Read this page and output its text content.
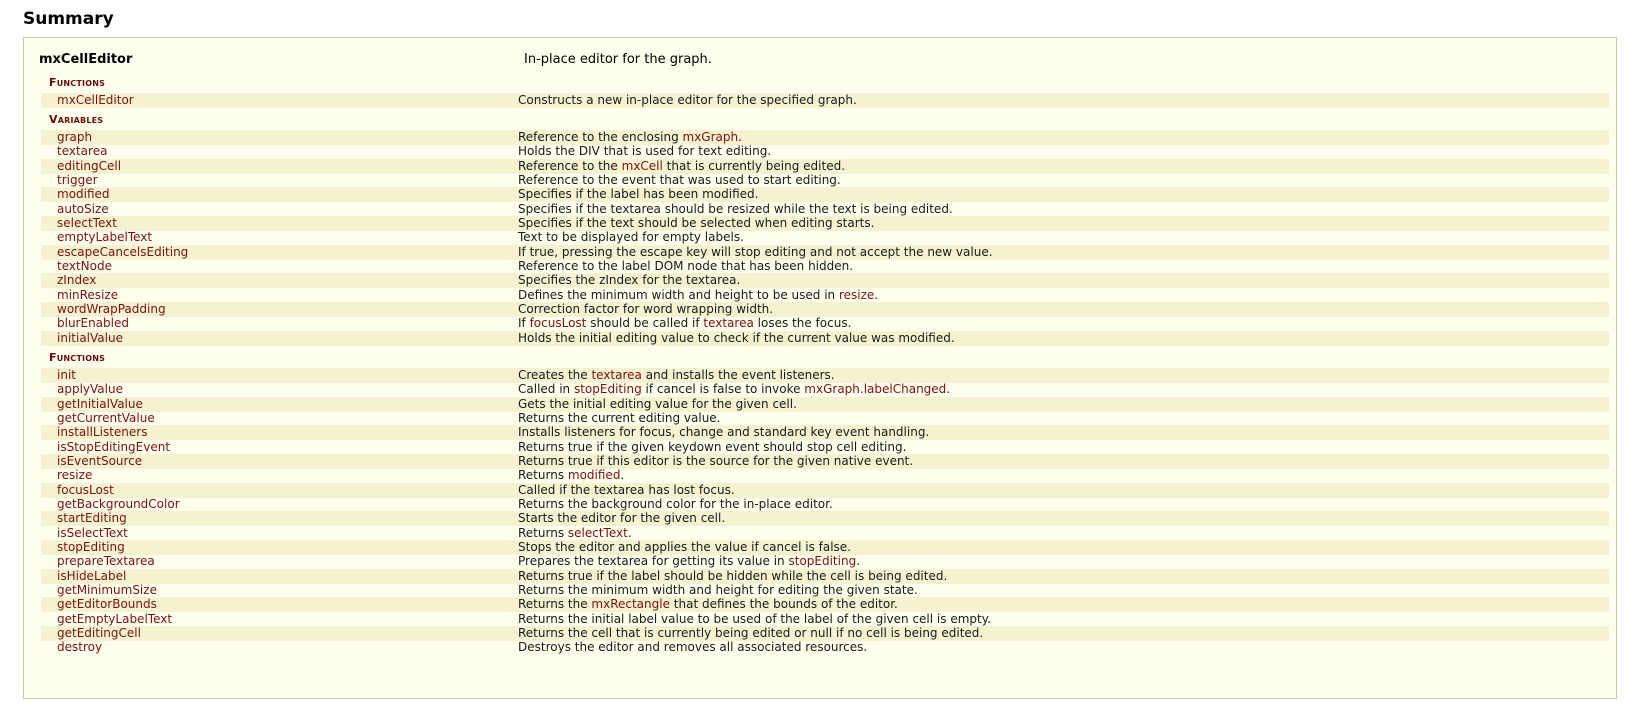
Summary
mxCellEditor	In-place editor for the graph.
Functions
mxCellEditor	Constructs a new in-place editor for the specified graph.
Variables
graph	Reference to the enclosing mxGraph.
textarea	Holds the DIV that is used for text editing.
editingCell	Reference to the mxCell that is currently being edited.
trigger	Reference to the event that was used to start editing.
modified	Specifies if the label has been modified.
autoSize	Specifies if the textarea should be resized while the text is being edited.
selectText	Specifies if the text should be selected when editing starts.
emptyLabelText	Text to be displayed for empty labels.
escapeCancelsEditing	If true, pressing the escape key will stop editing and not accept the new value.
textNode	Reference to the label DOM node that has been hidden.
zIndex	Specifies the zIndex for the textarea.
minResize	Defines the minimum width and height to be used in resize.
wordWrapPadding	Correction factor for word wrapping width.
blurEnabled	If focusLost should be called if textarea loses the focus.
initialValue	Holds the initial editing value to check if the current value was modified.
Functions
init	Creates the textarea and installs the event listeners.
applyValue	Called in stopEditing if cancel is false to invoke mxGraph.labelChanged.
getInitialValue	Gets the initial editing value for the given cell.
getCurrentValue	Returns the current editing value.
installListeners	Installs listeners for focus, change and standard key event handling.
isStopEditingEvent	Returns true if the given keydown event should stop cell editing.
isEventSource	Returns true if this editor is the source for the given native event.
resize	Returns modified.
focusLost	Called if the textarea has lost focus.
getBackgroundColor	Returns the background color for the in-place editor.
startEditing	Starts the editor for the given cell.
isSelectText	Returns selectText.
stopEditing	Stops the editor and applies the value if cancel is false.
prepareTextarea	Prepares the textarea for getting its value in stopEditing.
isHideLabel	Returns true if the label should be hidden while the cell is being edited.
getMinimumSize	Returns the minimum width and height for editing the given state.
getEditorBounds	Returns the mxRectangle that defines the bounds of the editor.
getEmptyLabelText	Returns the initial label value to be used of the label of the given cell is empty.
getEditingCell	Returns the cell that is currently being edited or null if no cell is being edited.
destroy	Destroys the editor and removes all associated resources.
